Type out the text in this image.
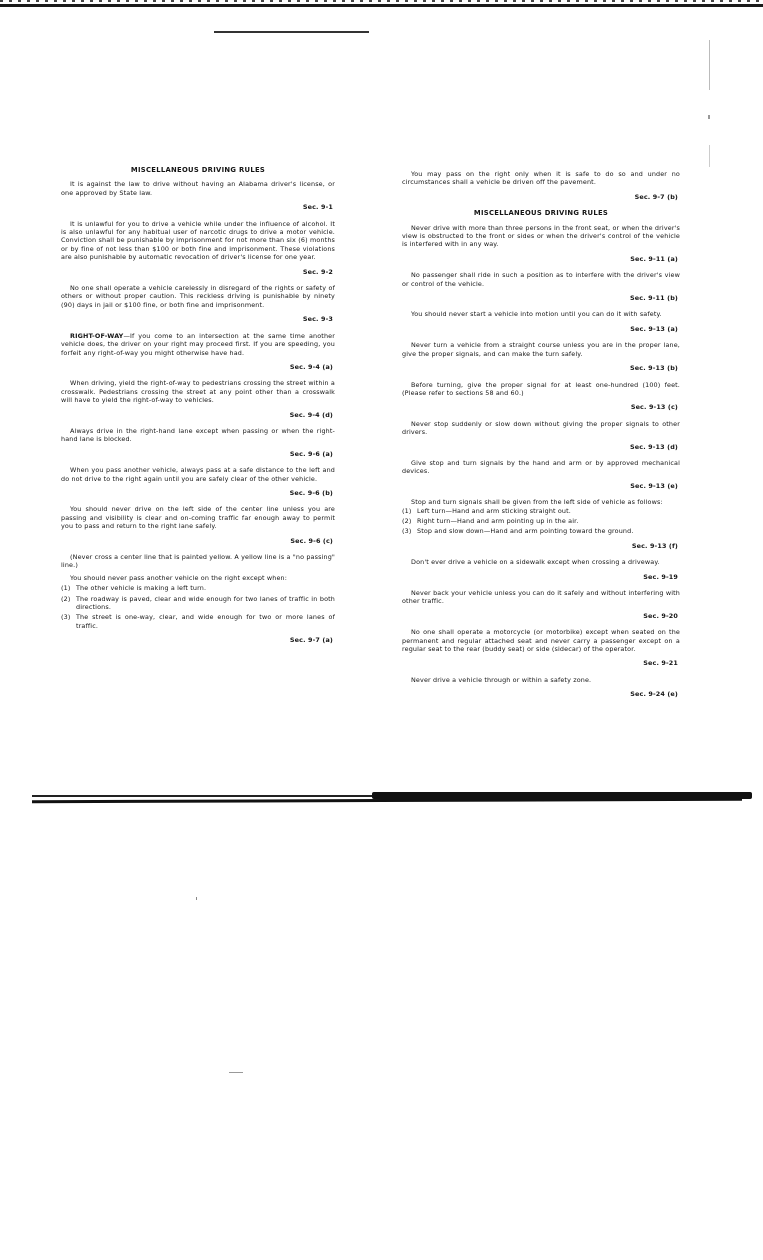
MISCELLANEOUS DRIVING RULES

It is against the law to drive without having an Alabama driver's license, or one approved by State law.

Sec. 9-1

It is unlawful for you to drive a vehicle while under the influence of alcohol. It is also unlawful for any habitual user of narcotic drugs to drive a motor vehicle. Conviction shall be punishable by imprisonment for not more than six (6) months or by fine of not less than $100 or both fine and imprisonment. These violations are also punishable by automatic revocation of driver's license for one year.

Sec. 9-2

No one shall operate a vehicle carelessly in disregard of the rights or safety of others or without proper caution. This reckless driving is punishable by ninety (90) days in jail or $100 fine, or both fine and imprisonment.

Sec. 9-3

RIGHT-OF-WAY—If you come to an intersection at the same time another vehicle does, the driver on your right may proceed first. If you are speeding, you forfeit any right-of-way you might otherwise have had.

Sec. 9-4 (a)

When driving, yield the right-of-way to pedestrians crossing the street within a crosswalk. Pedestrians crossing the street at any point other than a crosswalk will have to yield the right-of-way to vehicles.

Sec. 9-4 (d)

Always drive in the right-hand lane except when passing or when the right-hand lane is blocked.

Sec. 9-6 (a)

When you pass another vehicle, always pass at a safe distance to the left and do not drive to the right again until you are safely clear of the other vehicle.

Sec. 9-6 (b)

You should never drive on the left side of the center line unless you are passing and visibility is clear and on-coming traffic far enough away to permit you to pass and return to the right lane safely.

Sec. 9-6 (c)

(Never cross a center line that is painted yellow. A yellow line is a "no passing" line.)

You should never pass another vehicle on the right except when:

(1) The other vehicle is making a left turn.
(2) The roadway is paved, clear and wide enough for two lanes of traffic in both directions.
(3) The street is one-way, clear, and wide enough for two or more lanes of traffic.
Sec. 9-7 (a)

You may pass on the right only when it is safe to do so and under no circumstances shall a vehicle be driven off the pavement.

Sec. 9-7 (b)
MISCELLANEOUS DRIVING RULES

Never drive with more than three persons in the front seat, or when the driver's view is obstructed to the front or sides or when the driver's control of the vehicle is interfered with in any way.

Sec. 9-11 (a)

No passenger shall ride in such a position as to interfere with the driver's view or control of the vehicle.

Sec. 9-11 (b)

You should never start a vehicle into motion until you can do it with safety.

Sec. 9-13 (a)

Never turn a vehicle from a straight course unless you are in the proper lane, give the proper signals, and can make the turn safely.

Sec. 9-13 (b)

Before turning, give the proper signal for at least one-hundred (100) feet. (Please refer to sections 58 and 60.)

Sec. 9-13 (c)

Never stop suddenly or slow down without giving the proper signals to other drivers.

Sec. 9-13 (d)

Give stop and turn signals by the hand and arm or by approved mechanical devices.

Sec. 9-13 (e)

Stop and turn signals shall be given from the left side of vehicle as follows:

(1) Left turn—Hand and arm sticking straight out.
(2) Right turn—Hand and arm pointing up in the air.
(3) Stop and slow down—Hand and arm pointing toward the ground.
Sec. 9-13 (f)

Don't ever drive a vehicle on a sidewalk except when crossing a driveway.

Sec. 9-19

Never back your vehicle unless you can do it safely and without interfering with other traffic.

Sec. 9-20

No one shall operate a motorcycle (or motorbike) except when seated on the permanent and regular attached seat and never carry a passenger except on a regular seat to the rear (buddy seat) or side (sidecar) of the operator.

Sec. 9-21

Never drive a vehicle through or within a safety zone.

Sec. 9-24 (e)
